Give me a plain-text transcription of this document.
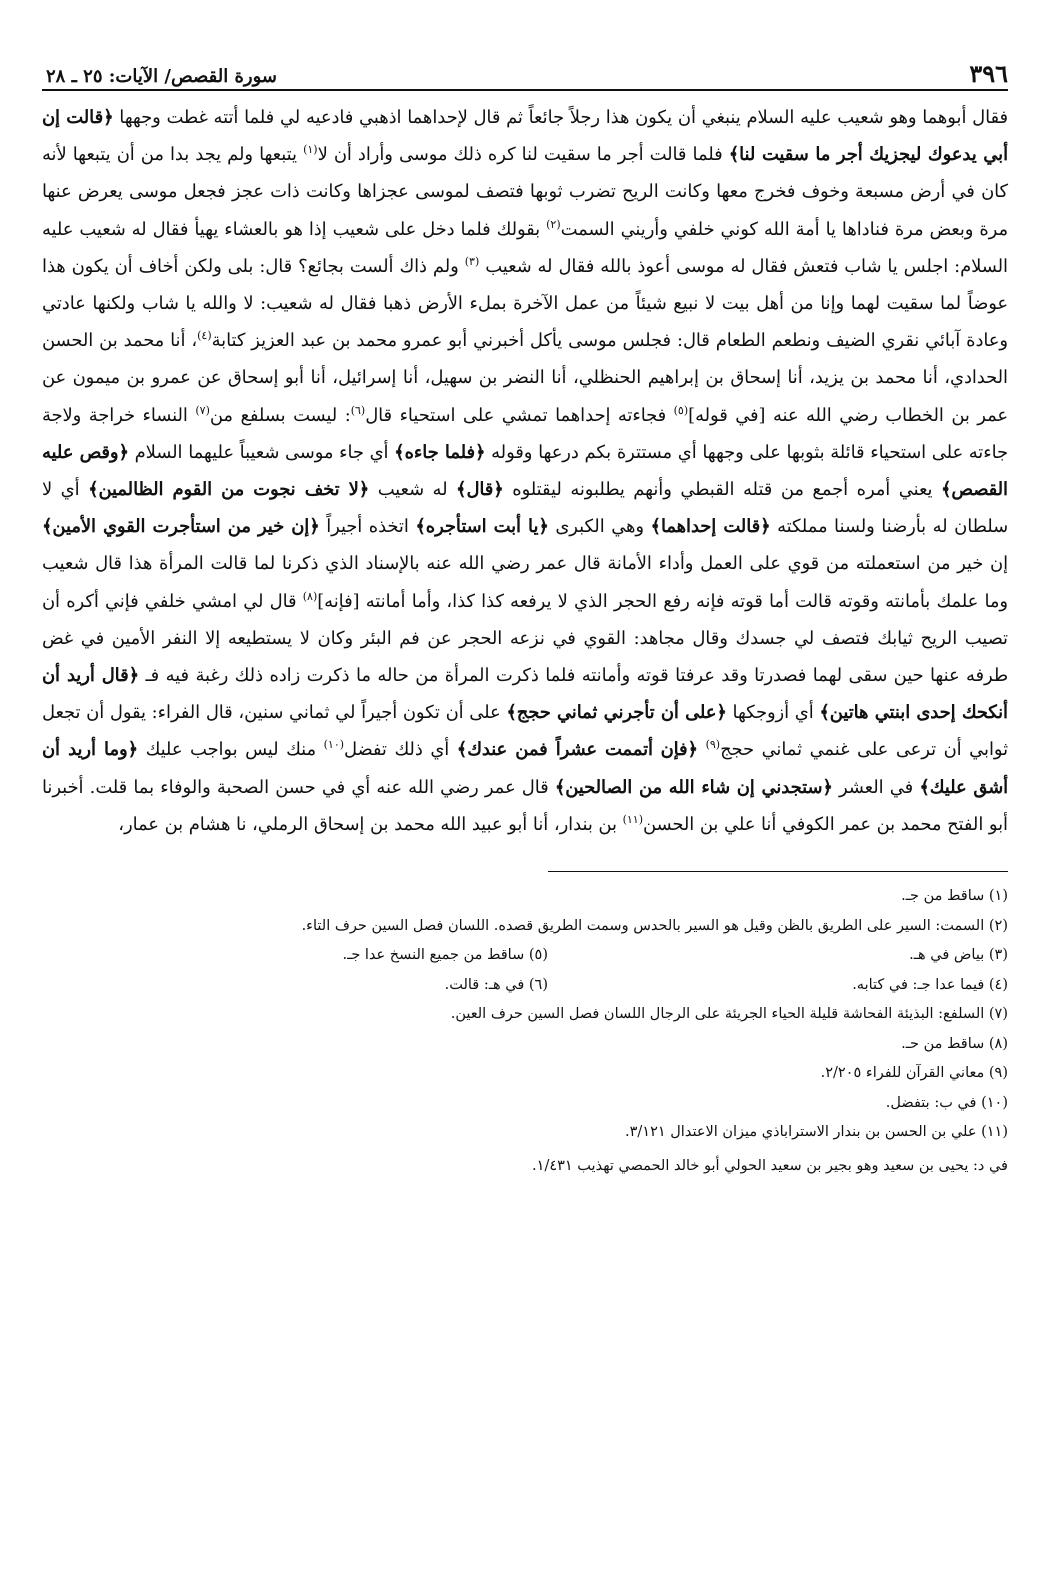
٣٩٦
سورة القصص/ الآيات: ٢٥ ـ ٢٨

فقال أبوهما وهو شعيب عليه السلام ينبغي أن يكون هذا رجلاً جائعاً ثم قال لإحداهما اذهبي فادعيه لي فلما أتته غطت وجهها ﴿قالت إن أبي يدعوك ليجزيك أجر ما سقيت لنا﴾ فلما قالت أجر ما سقيت لنا كره ذلك موسى وأراد أن لا$^{(١)}$ يتبعها ولم يجد بدا من أن يتبعها لأنه كان في أرض مسبعة وخوف فخرج معها وكانت الريح تضرب ثوبها فتصف لموسى عجزاها وكانت ذات عجز فجعل موسى يعرض عنها مرة وبعض مرة فناداها يا أمة الله كوني خلفي وأريني السمت$^{(٢)}$ بقولك فلما دخل على شعيب إذا هو بالعشاء يهيأ فقال له شعيب عليه السلام: اجلس يا شاب فتعش فقال له موسى أعوذ بالله فقال له شعيب $^{(٣)}$ ولم ذاك ألست بجائع؟ قال: بلى ولكن أخاف أن يكون هذا عوضاً لما سقيت لهما وإنا من أهل بيت لا نبيع شيئاً من عمل الآخرة بملء الأرض ذهبا فقال له شعيب: لا والله يا شاب ولكنها عادتي وعادة آبائي نقري الضيف ونطعم الطعام قال: فجلس موسى يأكل أخبرني أبو عمرو محمد بن عبد العزيز كتابة$^{(٤)}$، أنا محمد بن الحسن الحدادي، أنا محمد بن يزيد، أنا إسحاق بن إبراهيم الحنظلي، أنا النضر بن سهيل، أنا إسرائيل، أنا أبو إسحاق عن عمرو بن ميمون عن عمر بن الخطاب رضي الله عنه [في قوله]$^{(٥)}$ فجاءته إحداهما تمشي على استحياء قال$^{(٦)}$: ليست بسلفع من$^{(٧)}$ النساء خراجة ولاجة جاءته على استحياء قائلة بثوبها على وجهها أي مستترة بكم درعها وقوله ﴿فلما جاءه﴾ أي جاء موسى شعيباً عليهما السلام ﴿وقص عليه القصص﴾ يعني أمره أجمع من قتله القبطي وأنهم يطلبونه ليقتلوه ﴿قال﴾ له شعيب ﴿لا تخف نجوت من القوم الظالمين﴾ أي لا سلطان له بأرضنا ولسنا مملكته ﴿قالت إحداهما﴾ وهي الكبرى ﴿يا أبت استأجره﴾ اتخذه أجيراً ﴿إن خير من استأجرت القوي الأمين﴾ إن خير من استعملته من قوي على العمل وأداء الأمانة قال عمر رضي الله عنه بالإسناد الذي ذكرنا لما قالت المرأة هذا قال شعيب وما علمك بأمانته وقوته قالت أما قوته فإنه رفع الحجر الذي لا يرفعه كذا كذا، وأما أمانته [فإنه]$^{(٨)}$ قال لي امشي خلفي فإني أكره أن تصيب الريح ثيابك فتصف لي جسدك وقال مجاهد: القوي في نزعه الحجر عن فم البئر وكان لا يستطيعه إلا النفر الأمين في غض طرفه عنها حين سقى لهما فصدرتا وقد عرفتا قوته وأمانته فلما ذكرت المرأة من حاله ما ذكرت زاده ذلك رغبة فيه فـ ﴿قال أريد أن أنكحك إحدى ابنتي هاتين﴾ أي أزوجكها ﴿على أن تأجرني ثماني حجج﴾ على أن تكون أجيراً لي ثماني سنين، قال الفراء: يقول أن تجعل ثوابي أن ترعى على غنمي ثماني حجج$^{(٩)}$ ﴿فإن أتممت عشراً فمن عندك﴾ أي ذلك تفضل$^{(١٠)}$ منك ليس بواجب عليك ﴿وما أريد أن أشق عليك﴾ في العشر ﴿ستجدني إن شاء الله من الصالحين﴾ قال عمر رضي الله عنه أي في حسن الصحبة والوفاء بما قلت. أخبرنا أبو الفتح محمد بن عمر الكوفي أنا علي بن الحسن$^{(١١)}$ بن بندار، أنا أبو عبيد الله محمد بن إسحاق الرملي، نا هشام بن عمار،

(١) ساقط من جـ.
(٢) السمت: السير على الطريق بالظن وقيل هو السير بالحدس وسمت الطريق قصده. اللسان فصل السين حرف التاء.
(٣) بياض في هـ.
(٥) ساقط من جميع النسخ عدا جـ.
(٤) فيما عدا جـ: في كتابه.
(٦) في هـ: قالت.
(٧) السلفع: البذيئة الفحاشة قليلة الحياء الجريئة على الرجال اللسان فصل السين حرف العين.
(٨) ساقط من حـ.
(٩) معاني القرآن للفراء ٢/٢٠٥.
(١٠) في ب: بتفضل.
(١١) علي بن الحسن بن بندار الاستراباذي ميزان الاعتدال ٣/١٢١.
في د: يحيى بن سعيد وهو بجير بن سعيد الحولي أبو خالد الحمصي تهذيب ١/٤٣١.
